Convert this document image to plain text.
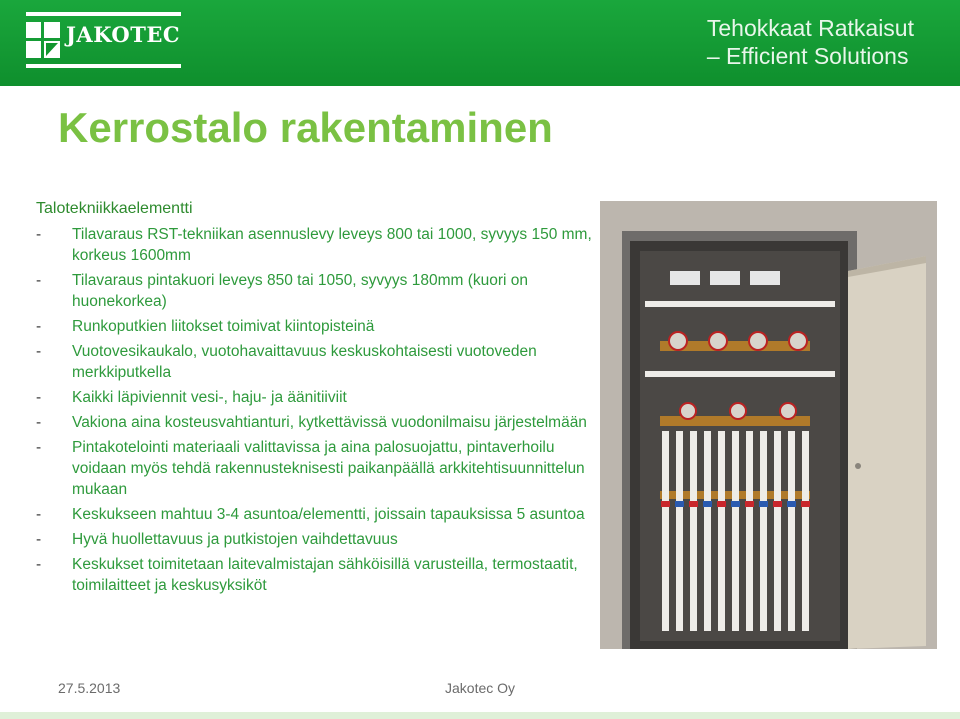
JAKOTEC	Tehokkaat Ratkaisut
– Efficient Solutions
Kerrostalo rakentaminen
Talotekniikkaelementti
- Tilavaraus RST-tekniikan asennuslevy leveys 800 tai 1000, syvyys 150 mm, korkeus 1600mm
- Tilavaraus pintakuori leveys 850 tai 1050, syvyys 180mm (kuori on huonekorkea)
- Runkoputkien liitokset toimivat kiintopisteinä
- Vuotovesikaukalo, vuotohavaittavuus keskuskohtaisesti vuotoveden merkkiputkella
- Kaikki läpiviennit vesi-, haju- ja äänitiiviit
- Vakiona aina kosteusvahtianturi, kytkettävissä vuodonilmaisu järjestelmään
- Pintakotelointi materiaali valittavissa ja aina palosuojattu, pintaverhoilu voidaan myös tehdä rakennusteknisesti paikanpäällä arkkitehtisuunnittelun mukaan
- Keskukseen mahtuu 3-4 asuntoa/elementti, joissain tapauksissa 5 asuntoa
- Hyvä huollettavuus ja putkistojen vaihdettavuus
- Keskukset toimitetaan laitevalmistajan sähköisillä varusteilla, termostaatit, toimilaitteet ja keskusyksiköt
27.5.2013	Jakotec Oy
